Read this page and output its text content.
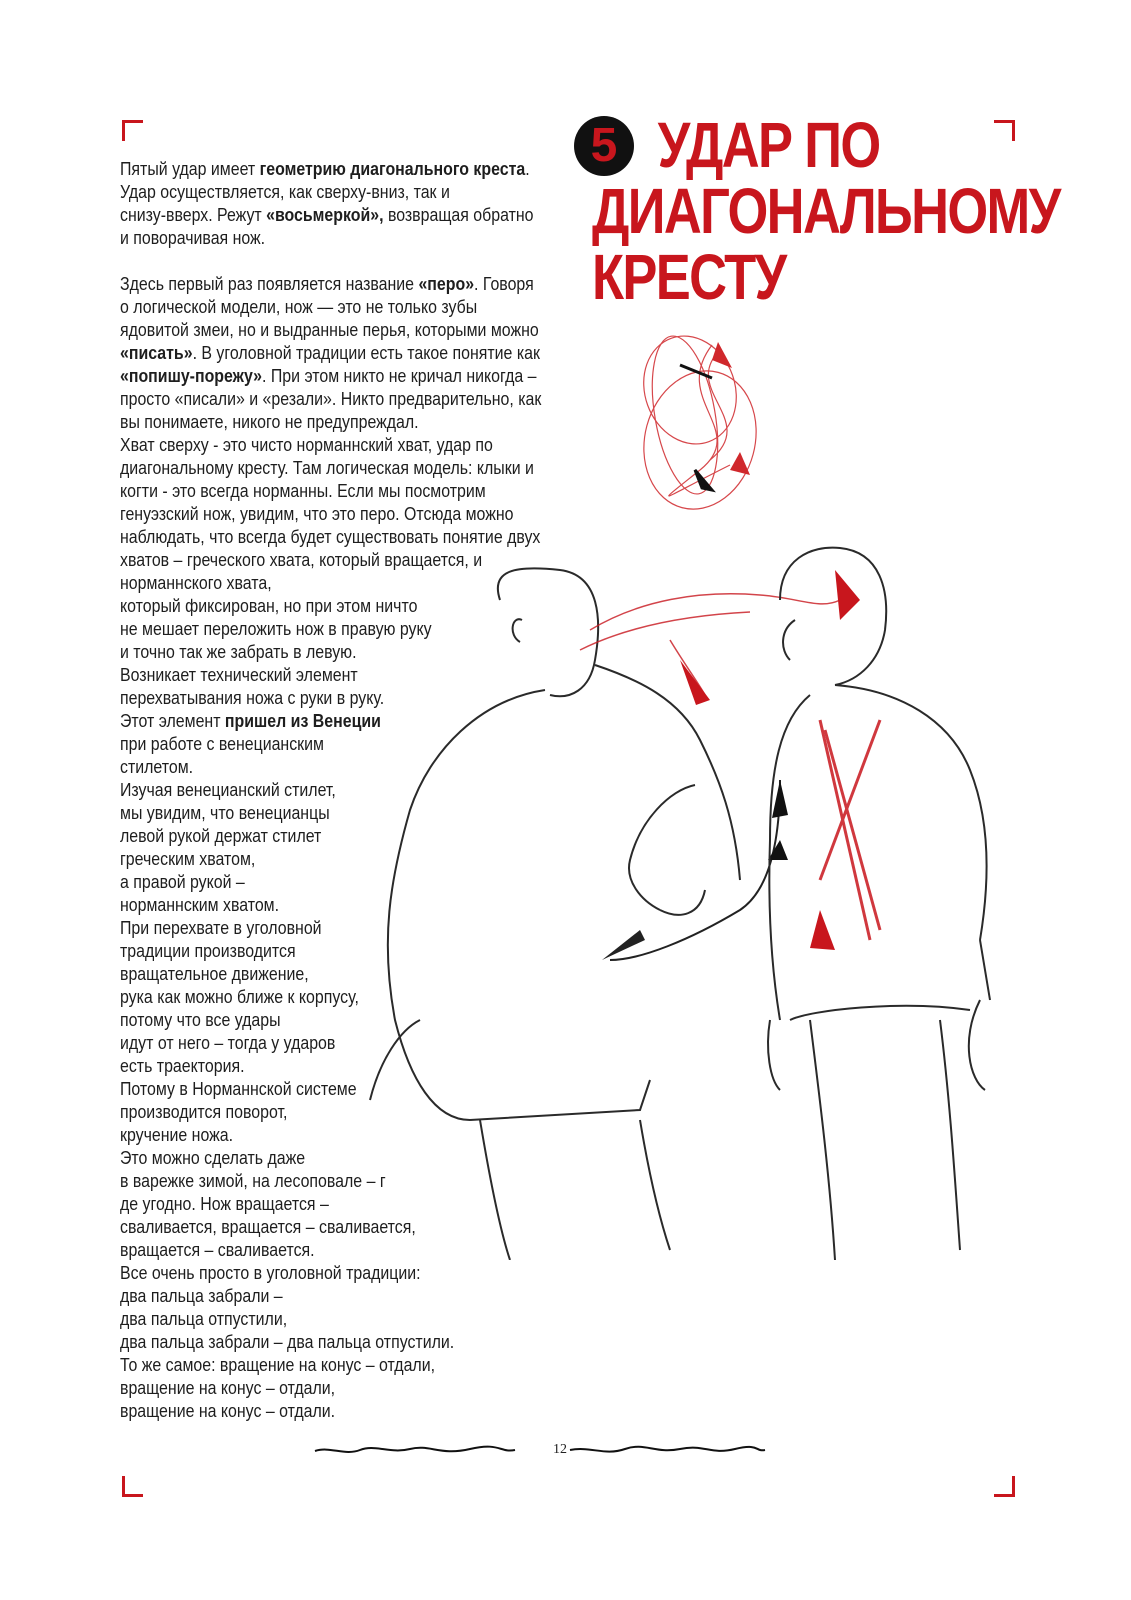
5 УДАР ПО
ДИАГОНАЛЬНОМУ
КРЕСТУ
Пятый удар имеет геометрию диагонального креста.
Удар осуществляется, как сверху-вниз, так и
снизу-вверх. Режут «восьмеркой», возвращая обратно
и поворачивая нож.
Здесь первый раз появляется название «перо». Говоря
о логической модели, нож — это не только зубы
ядовитой змеи, но и выдранные перья, которыми можно
«писать». В уголовной традиции есть такое понятие как
«попишу-порежу». При этом никто не кричал никогда –
просто «писали» и «резали». Никто предварительно, как
вы понимаете, никого не предупреждал.
Хват сверху - это чисто норманнский хват, удар по
диагональному кресту. Там логическая модель: клыки и
когти - это всегда норманны. Если мы посмотрим
генуэзский нож, увидим, что это перо. Отсюда можно
наблюдать, что всегда будет существовать понятие двух
хватов – греческого хвата, который вращается, и
норманнского хвата,
который фиксирован, но при этом ничто
не мешает переложить нож в правую руку
и точно так же забрать в левую.
Возникает технический элемент
перехватывания ножа с руки в руку.
Этот элемент пришел из Венеции
при работе с венецианским
стилетом.
Изучая венецианский стилет,
мы увидим, что венецианцы
левой рукой держат стилет
греческим хватом,
а правой рукой –
норманнским хватом.
При перехвате в уголовной
традиции производится
вращательное движение,
рука как можно ближе к корпусу,
потому что все удары
идут от него – тогда у ударов
есть траектория.
Потому в Норманнской системе
производится поворот,
кручение ножа.
Это можно сделать даже
в варежке зимой, на лесоповале – г
де угодно. Нож вращается –
сваливается, вращается – сваливается,
вращается – сваливается.
Все очень просто в уголовной традиции:
два пальца забрали –
два пальца отпустили,
два пальца забрали – два пальца отпустили.
То же самое: вращение на конус – отдали,
вращение на конус – отдали,
вращение на конус – отдали.
12
